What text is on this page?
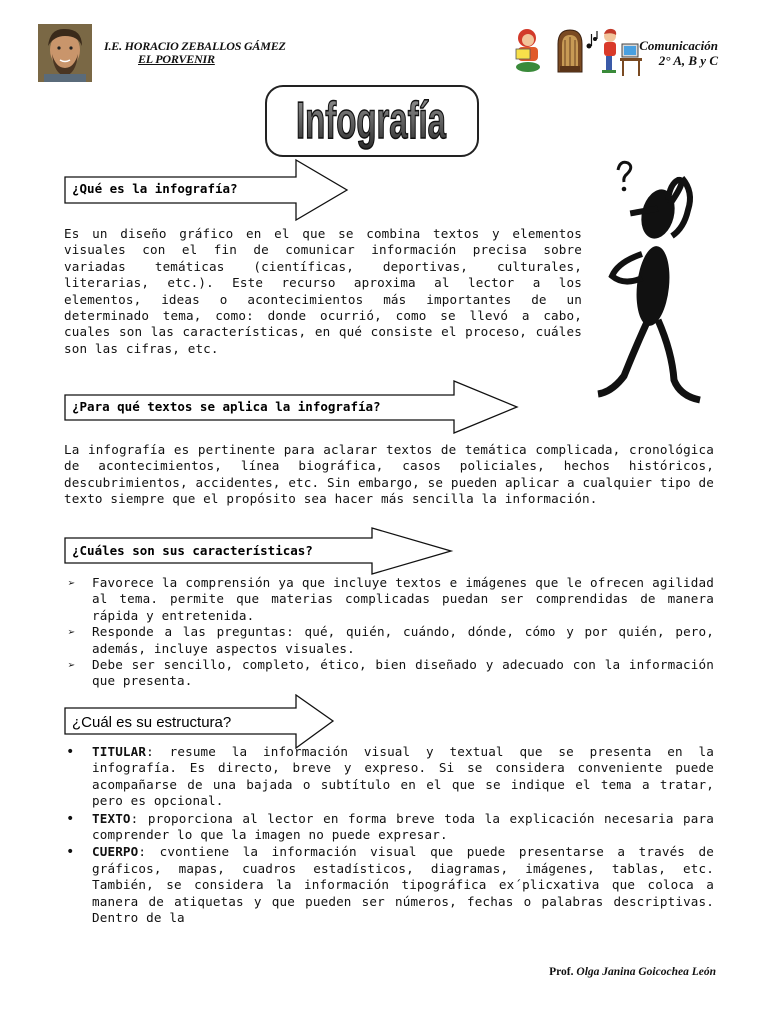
I.E. HORACIO ZEBALLOS GÁMEZ
EL PORVENIR
Comunicación
2° A, B y C
Infografía
¿Qué es la infografía?
Es un diseño gráfico en el que se combina textos y elementos visuales con el fin de comunicar información precisa sobre variadas temáticas (científicas, deportivas, culturales, literarias, etc.). Este recurso aproxima al lector a los elementos, ideas o acontecimientos más importantes de un determinado tema, como: donde ocurrió, como se llevó a cabo, cuales son las características, en qué consiste el proceso, cuáles son las cifras, etc.
¿Para qué textos se aplica la infografía?
La infografía es pertinente para aclarar textos de temática complicada, cronológica de acontecimientos, línea biográfica, casos policiales, hechos históricos, descubrimientos, accidentes, etc. Sin embargo, se pueden aplicar a cualquier tipo de texto siempre que el propósito sea hacer más sencilla la información.
¿Cuáles son sus características?
➢ Favorece la comprensión ya que incluye textos e imágenes que le ofrecen agilidad al tema. permite que materias complicadas puedan ser comprendidas de manera rápida y entretenida.
➢ Responde a las preguntas: qué, quién, cuándo, dónde, cómo y por quién, pero, además, incluye aspectos visuales.
➢ Debe ser sencillo, completo, ético, bien diseñado y adecuado con la información que presenta.
¿Cuál es su estructura?
• TITULAR: resume la información visual y textual que se presenta en la infografía. Es directo, breve y expreso. Si se considera conveniente puede acompañarse de una bajada o subtítulo en el que se indique el tema a tratar, pero es opcional.
• TEXTO: proporciona al lector en forma breve toda la explicación necesaria para comprender lo que la imagen no puede expresar.
• CUERPO: cvontiene la información visual que puede presentarse a través de gráficos, mapas, cuadros estadísticos, diagramas, imágenes, tablas, etc. También, se considera la información tipográfica ex´plicxativa que coloca a manera de atiquetas y que pueden ser números, fechas o palabras descriptivas. Dentro de la
Prof. Olga Janina Goicochea León
